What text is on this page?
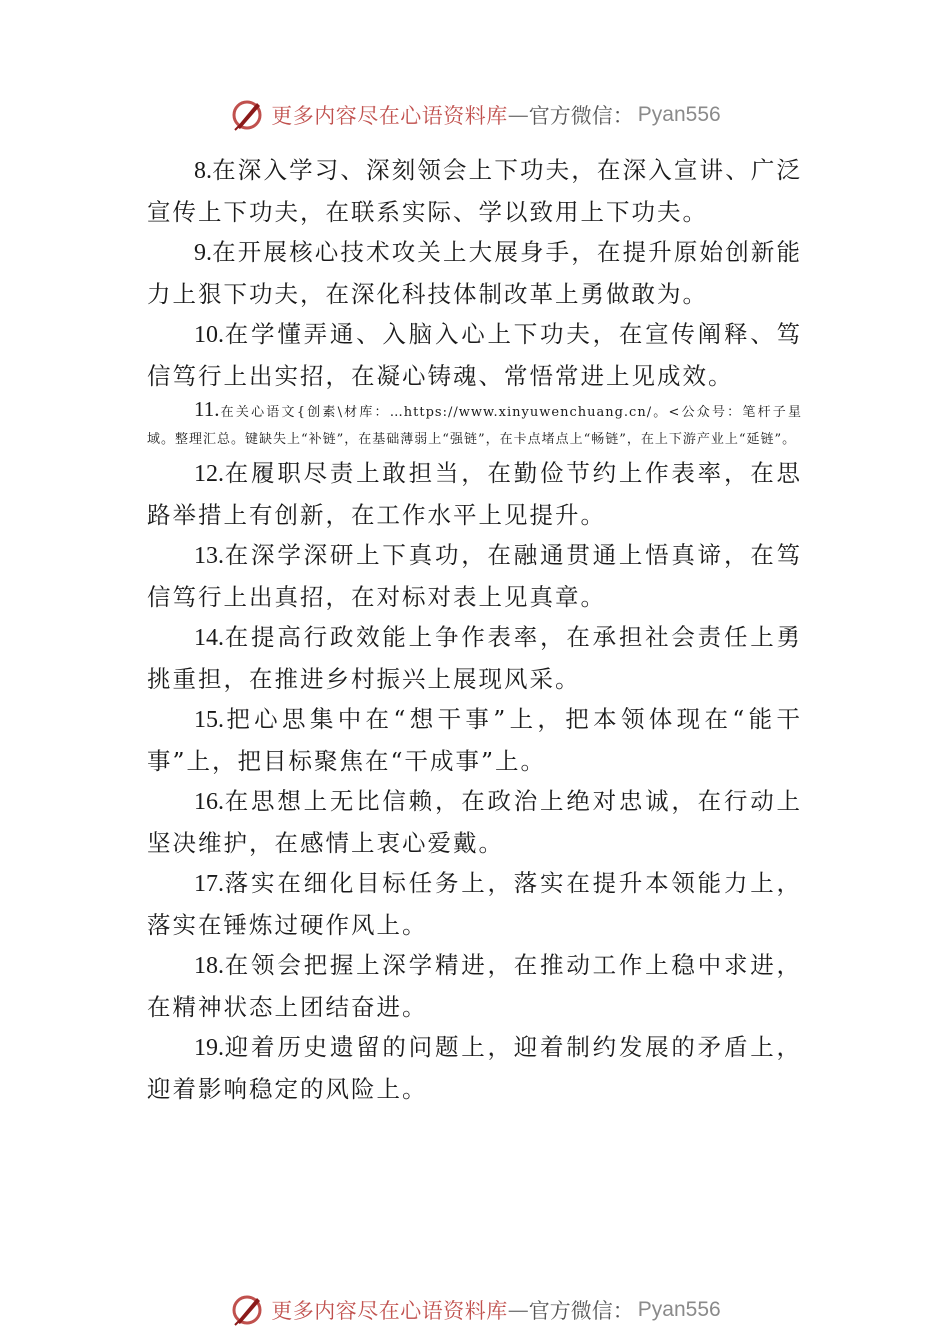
更多内容尽在心语资料库 — 官方微信： Pyan556

8.在深入学习、深刻领会上下功夫，在深入宣讲、广泛宣传上下功夫，在联系实际、学以致用上下功夫。

9.在开展核心技术攻关上大展身手，在提升原始创新能力上狠下功夫，在深化科技体制改革上勇做敢为。

10.在学懂弄通、入脑入心上下功夫，在宣传阐释、笃信笃行上出实招，在凝心铸魂、常悟常进上见成效。

11.在关心语文{创素\材库：…https://www.xinyuwenchuang.cn/。<公众号：笔杆子星域。整理汇总。键缺失上“补链”，在基础薄弱上“强链”，在卡点堵点上“畅链”，在上下游产业上“延链”。

12.在履职尽责上敢担当，在勤俭节约上作表率，在思路举措上有创新，在工作水平上见提升。

13.在深学深研上下真功，在融通贯通上悟真谛，在笃信笃行上出真招，在对标对表上见真章。

14.在提高行政效能上争作表率，在承担社会责任上勇挑重担，在推进乡村振兴上展现风采。

15.把心思集中在“想干事”上，把本领体现在“能干事”上，把目标聚焦在“干成事”上。

16.在思想上无比信赖，在政治上绝对忠诚，在行动上坚决维护，在感情上衷心爱戴。

17.落实在细化目标任务上，落实在提升本领能力上，落实在锤炼过硬作风上。

18.在领会把握上深学精进，在推动工作上稳中求进，在精神状态上团结奋进。

19.迎着历史遗留的问题上，迎着制约发展的矛盾上，迎着影响稳定的风险上。

更多内容尽在心语资料库 — 官方微信： Pyan556
